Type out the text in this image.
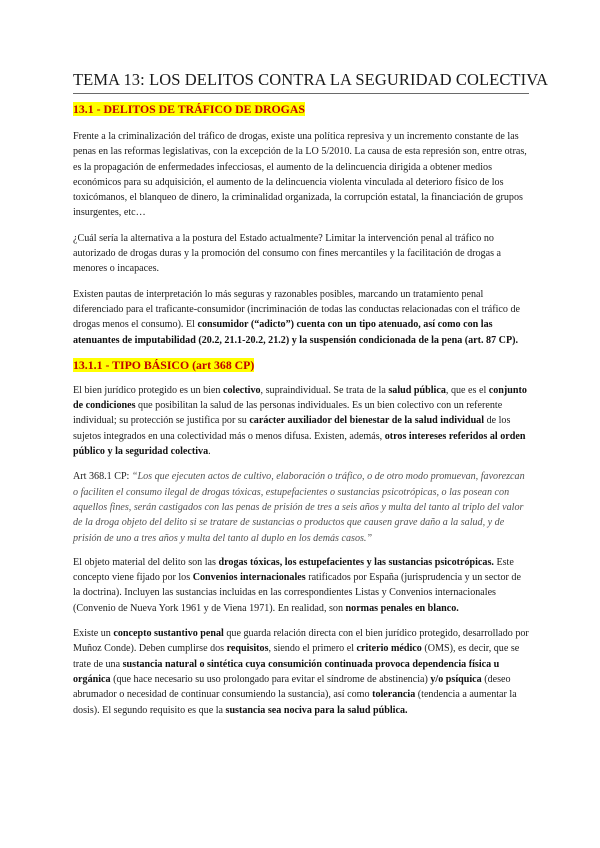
TEMA 13: LOS DELITOS CONTRA LA SEGURIDAD COLECTIVA
13.1 - DELITOS DE TRÁFICO DE DROGAS

Frente a la criminalización del tráfico de drogas, existe una política represiva y un incremento constante de las penas en las reformas legislativas, con la excepción de la LO 5/2010. La causa de esta represión son, entre otras, es la propagación de enfermedades infecciosas, el aumento de la delincuencia dirigida a obtener medios económicos para su adquisición, el aumento de la delincuencia violenta vinculada al deterioro físico de los toxicómanos, el blanqueo de dinero, la criminalidad organizada, la corrupción estatal, la financiación de grupos insurgentes, etc…

¿Cuál sería la alternativa a la postura del Estado actualmente? Limitar la intervención penal al tráfico no autorizado de drogas duras y la promoción del consumo con fines mercantiles y la facilitación de drogas a menores o incapaces.

Existen pautas de interpretación lo más seguras y razonables posibles, marcando un tratamiento penal diferenciado para el traficante-consumidor (incriminación de todas las conductas relacionadas con el tráfico de drogas menos el consumo). El consumidor (“adicto”) cuenta con un tipo atenuado, así como con las atenuantes de imputabilidad (20.2, 21.1-20.2, 21.2) y la suspensión condicionada de la pena (art. 87 CP).

13.1.1 - TIPO BÁSICO (art 368 CP)

El bien jurídico protegido es un bien colectivo, supraindividual. Se trata de la salud pública, que es el conjunto de condiciones que posibilitan la salud de las personas individuales. Es un bien colectivo con un referente individual; su protección se justifica por su carácter auxiliador del bienestar de la salud individual de los sujetos integrados en una colectividad más o menos difusa. Existen, además, otros intereses referidos al orden público y la seguridad colectiva.

Art 368.1 CP: “Los que ejecuten actos de cultivo, elaboración o tráfico, o de otro modo promuevan, favorezcan o faciliten el consumo ilegal de drogas tóxicas, estupefacientes o sustancias psicotrópicas, o las posean con aquellos fines, serán castigados con las penas de prisión de tres a seis años y multa del tanto al triplo del valor de la droga objeto del delito si se tratare de sustancias o productos que causen grave daño a la salud, y de prisión de uno a tres años y multa del tanto al duplo en los demás casos.”

El objeto material del delito son las drogas tóxicas, los estupefacientes y las sustancias psicotrópicas. Este concepto viene fijado por los Convenios internacionales ratificados por España (jurisprudencia y un sector de la doctrina). Incluyen las sustancias incluidas en las correspondientes Listas y Convenios internacionales (Convenio de Nueva York 1961 y de Viena 1971). En realidad, son normas penales en blanco.

Existe un concepto sustantivo penal que guarda relación directa con el bien jurídico protegido, desarrollado por Muñoz Conde). Deben cumplirse dos requisitos, siendo el primero el criterio médico (OMS), es decir, que se trate de una sustancia natural o sintética cuya consumición continuada provoca dependencia física u orgánica (que hace necesario su uso prolongado para evitar el síndrome de abstinencia) y/o psíquica (deseo abrumador o necesidad de continuar consumiendo la sustancia), así como tolerancia (tendencia a aumentar la dosis). El segundo requisito es que la sustancia sea nociva para la salud pública.
